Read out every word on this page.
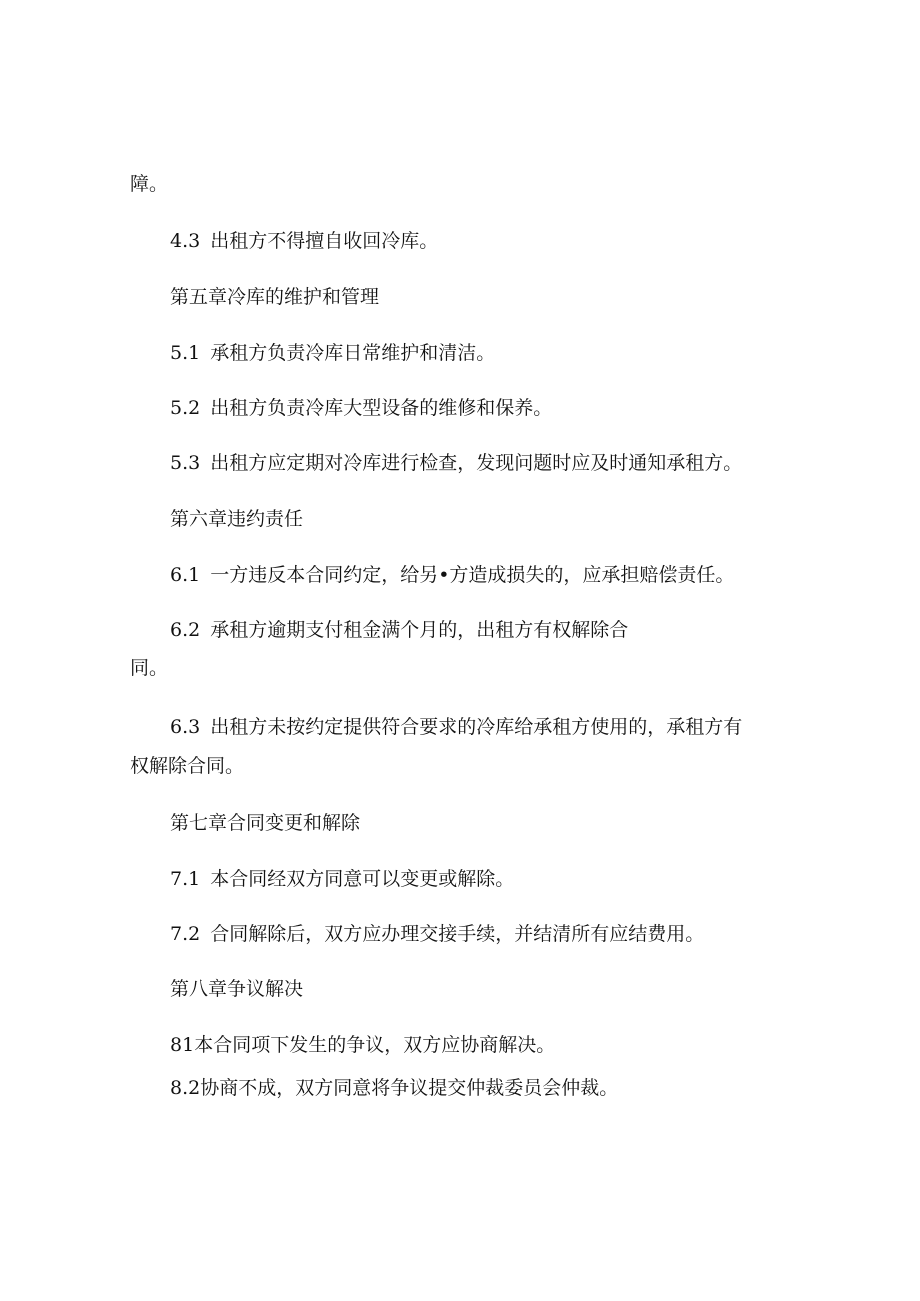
障。

4.3 出租方不得擅自收回冷库。

第五章冷库的维护和管理

5.1 承租方负责冷库日常维护和清洁。

5.2 出租方负责冷库大型设备的维修和保养。

5.3 出租方应定期对冷库进行检查，发现问题时应及时通知承租方。

第六章违约责任

6.1 一方违反本合同约定，给另•方造成损失的，应承担赔偿责任。

6.2 承租方逾期支付租金满个月的，出租方有权解除合

同。

6.3 出租方未按约定提供符合要求的冷库给承租方使用的，承租方有

权解除合同。

第七章合同变更和解除

7.1 本合同经双方同意可以变更或解除。

7.2 合同解除后，双方应办理交接手续，并结清所有应结费用。

第八章争议解决

81本合同项下发生的争议，双方应协商解决。

8.2协商不成，双方同意将争议提交仲裁委员会仲裁。
